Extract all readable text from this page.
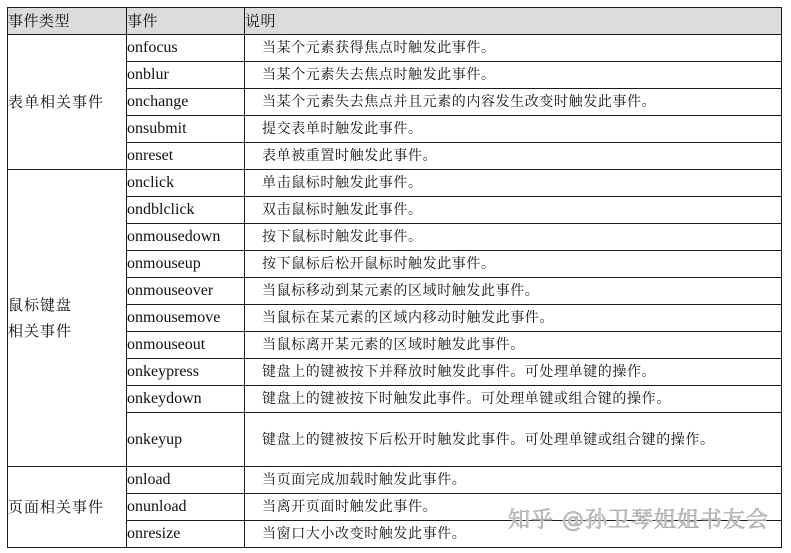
事件类型	事件	说明

表单相关事件	onfocus	当某个元素获得焦点时触发此事件。
	onblur	当某个元素失去焦点时触发此事件。
	onchange	当某个元素失去焦点并且元素的内容发生改变时触发此事件。
	onsubmit	提交表单时触发此事件。
	onreset	表单被重置时触发此事件。

鼠标键盘
相关事件	onclick	单击鼠标时触发此事件。
	ondblclick	双击鼠标时触发此事件。
	onmousedown	按下鼠标时触发此事件。
	onmouseup	按下鼠标后松开鼠标时触发此事件。
	onmouseover	当鼠标移动到某元素的区域时触发此事件。
	onmousemove	当鼠标在某元素的区域内移动时触发此事件。
	onmouseout	当鼠标离开某元素的区域时触发此事件。
	onkeypress	键盘上的键被按下并释放时触发此事件。可处理单键的操作。
	onkeydown	键盘上的键被按下时触发此事件。可处理单键或组合键的操作。
	onkeyup	键盘上的键被按下后松开时触发此事件。可处理单键或组合键的操作。

页面相关事件	onload	当页面完成加载时触发此事件。
	onunload	当离开页面时触发此事件。
	onresize	当窗口大小改变时触发此事件。
知乎 @孙卫琴姐姐书友会
